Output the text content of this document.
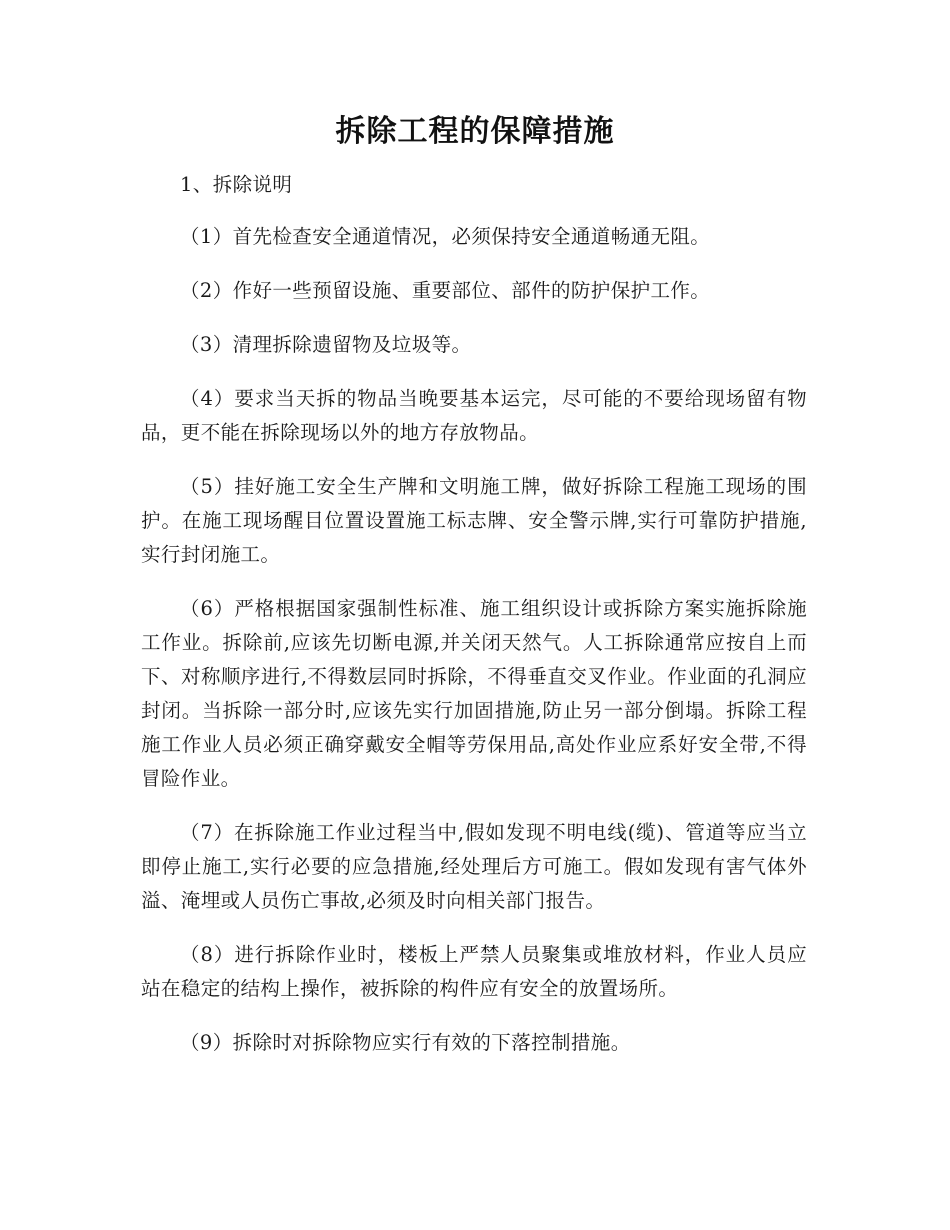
拆除工程的保障措施

1、拆除说明

（1）首先检查安全通道情况，必须保持安全通道畅通无阻。

（2）作好一些预留设施、重要部位、部件的防护保护工作。

（3）清理拆除遗留物及垃圾等。

（4）要求当天拆的物品当晚要基本运完，尽可能的不要给现场留有物品，更不能在拆除现场以外的地方存放物品。

（5）挂好施工安全生产牌和文明施工牌，做好拆除工程施工现场的围护。在施工现场醒目位置设置施工标志牌、安全警示牌,实行可靠防护措施,实行封闭施工。

（6）严格根据国家强制性标准、施工组织设计或拆除方案实施拆除施工作业。拆除前,应该先切断电源,并关闭天然气。人工拆除通常应按自上而下、对称顺序进行,不得数层同时拆除，不得垂直交叉作业。作业面的孔洞应封闭。当拆除一部分时,应该先实行加固措施,防止另一部分倒塌。拆除工程施工作业人员必须正确穿戴安全帽等劳保用品,高处作业应系好安全带,不得冒险作业。

（7）在拆除施工作业过程当中,假如发现不明电线(缆)、管道等应当立即停止施工,实行必要的应急措施,经处理后方可施工。假如发现有害气体外溢、淹埋或人员伤亡事故,必须及时向相关部门报告。

（8）进行拆除作业时，楼板上严禁人员聚集或堆放材料，作业人员应站在稳定的结构上操作，被拆除的构件应有安全的放置场所。

（9）拆除时对拆除物应实行有效的下落控制措施。
